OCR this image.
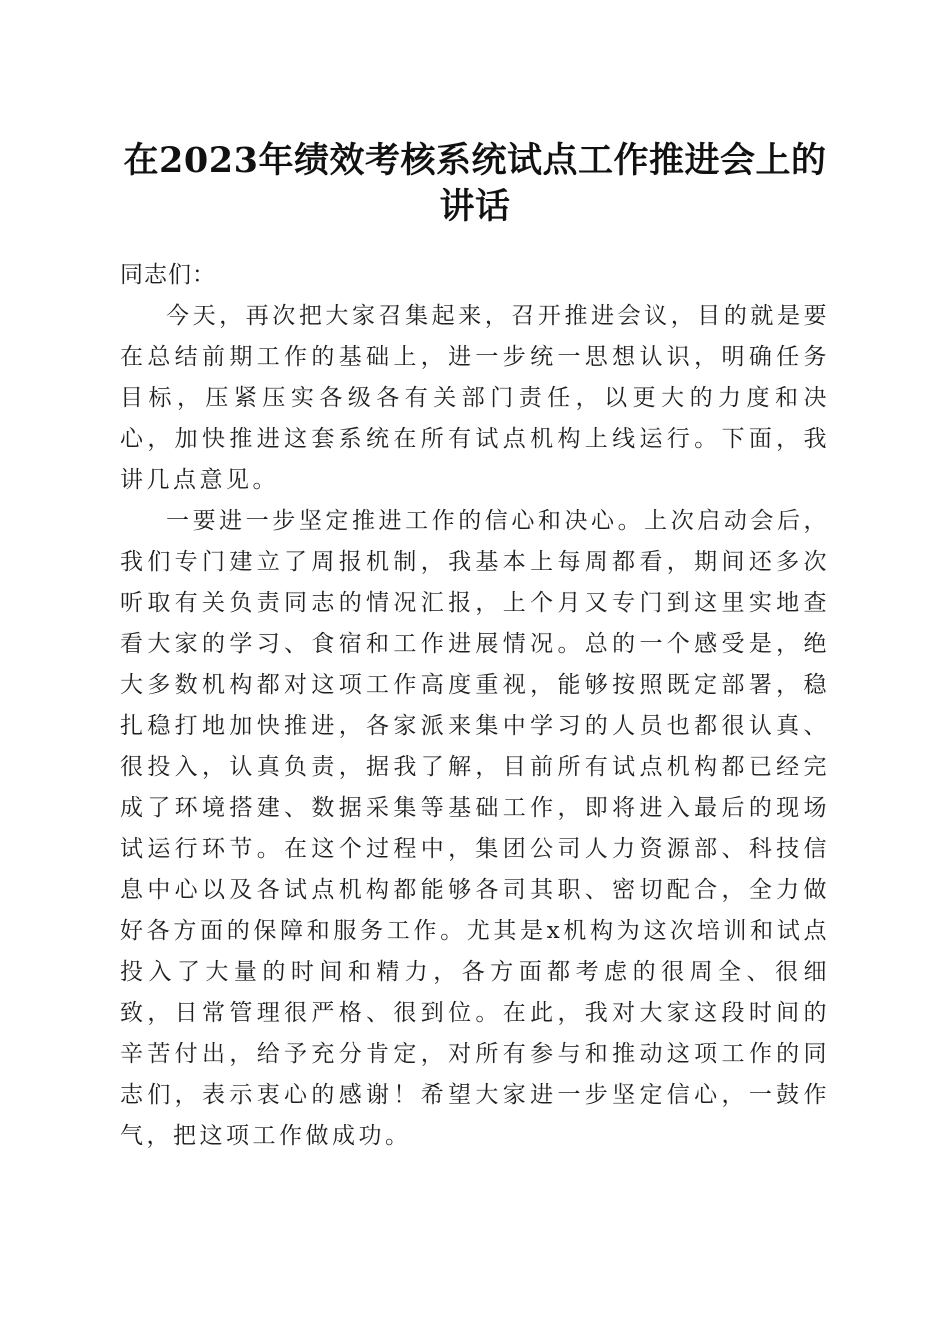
在2023年绩效考核系统试点工作推进会上的
讲话

同志们：

今天，再次把大家召集起来，召开推进会议，目的就是要在总结前期工作的基础上，进一步统一思想认识，明确任务目标，压紧压实各级各有关部门责任，以更大的力度和决心，加快推进这套系统在所有试点机构上线运行。下面，我讲几点意见。

一要进一步坚定推进工作的信心和决心。上次启动会后，我们专门建立了周报机制，我基本上每周都看，期间还多次听取有关负责同志的情况汇报，上个月又专门到这里实地查看大家的学习、食宿和工作进展情况。总的一个感受是，绝大多数机构都对这项工作高度重视，能够按照既定部署，稳扎稳打地加快推进，各家派来集中学习的人员也都很认真、很投入，认真负责，据我了解，目前所有试点机构都已经完成了环境搭建、数据采集等基础工作，即将进入最后的现场试运行环节。在这个过程中，集团公司人力资源部、科技信息中心以及各试点机构都能够各司其职、密切配合，全力做好各方面的保障和服务工作。尤其是x机构为这次培训和试点投入了大量的时间和精力，各方面都考虑的很周全、很细致，日常管理很严格、很到位。在此，我对大家这段时间的辛苦付出，给予充分肯定，对所有参与和推动这项工作的同志们，表示衷心的感谢！希望大家进一步坚定信心，一鼓作气，把这项工作做成功。
